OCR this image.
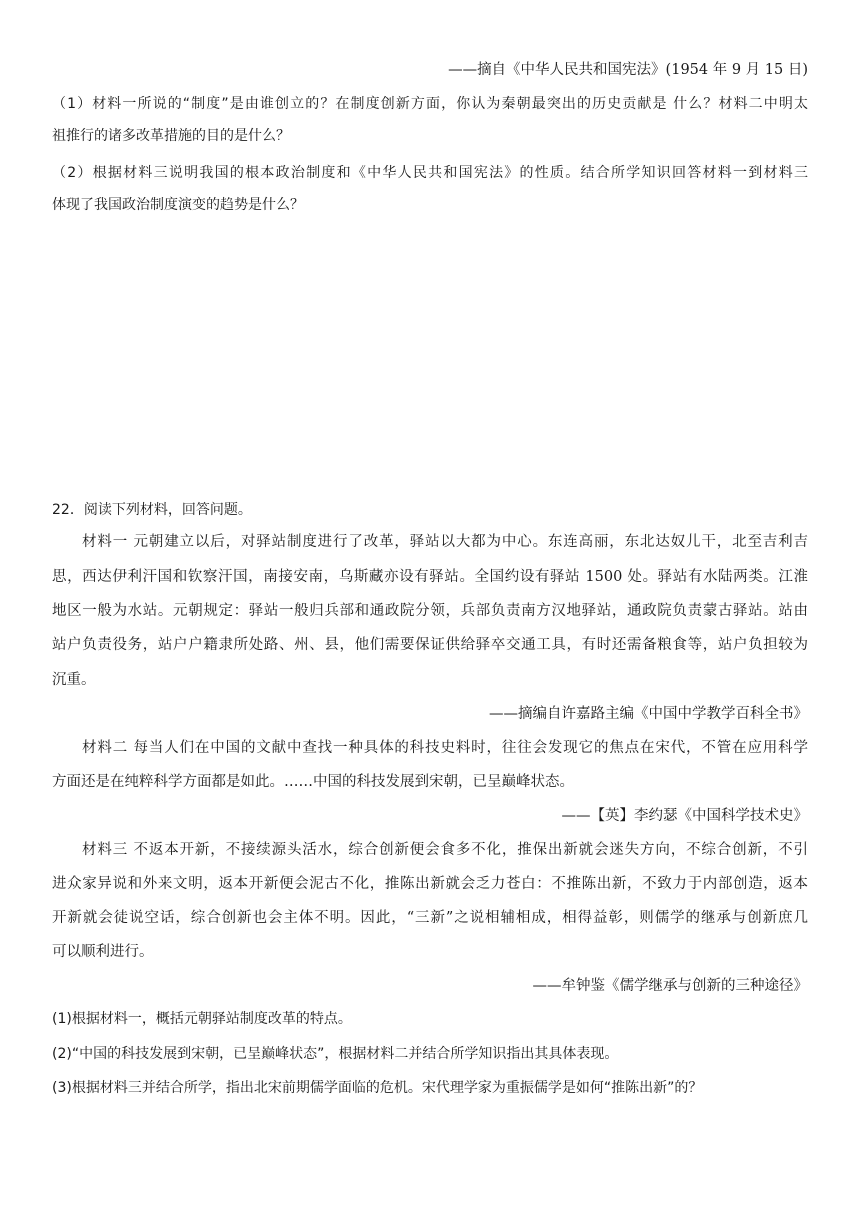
——摘自《中华人民共和国宪法》(1954 年 9 月 15 日)
（1）材料一所说的“制度”是由谁创立的？在制度创新方面，你认为秦朝最突出的历史贡献是 什么？材料二中明太
祖推行的诸多改革措施的目的是什么？
（2）根据材料三说明我国的根本政治制度和《中华人民共和国宪法》的性质。结合所学知识回答材料一到材料三
体现了我国政治制度演变的趋势是什么？
22．阅读下列材料，回答问题。
材料一 元朝建立以后，对驿站制度进行了改革，驿站以大都为中心。东连高丽，东北达奴儿干，北至吉利吉
思，西达伊利汗国和钦察汗国，南接安南，乌斯藏亦设有驿站。全国约设有驿站 1500 处。驿站有水陆两类。江淮
地区一般为水站。元朝规定：驿站一般归兵部和通政院分领，兵部负责南方汉地驿站，通政院负责蒙古驿站。站由
站户负责役务，站户户籍隶所处路、州、县，他们需要保证供给驿卒交通工具，有时还需备粮食等，站户负担较为
沉重。
——摘编自许嘉路主编《中国中学教学百科全书》
材料二 每当人们在中国的文献中查找一种具体的科技史料时，往往会发现它的焦点在宋代，不管在应用科学
方面还是在纯粹科学方面都是如此。……中国的科技发展到宋朝，已呈巅峰状态。
——【英】李约瑟《中国科学技术史》
材料三 不返本开新，不接续源头活水，综合创新便会食多不化，推保出新就会迷失方向，不综合创新，不引
进众家异说和外来文明，返本开新便会泥古不化，推陈出新就会乏力苍白：不推陈出新，不致力于内部创造，返本
开新就会徒说空话，综合创新也会主体不明。因此，“三新”之说相辅相成，相得益彰，则儒学的继承与创新庶几
可以顺利进行。
——牟钟鉴《儒学继承与创新的三种途径》
(1)根据材料一，概括元朝驿站制度改革的特点。
(2)“中国的科技发展到宋朝，已呈巅峰状态”，根据材料二并结合所学知识指出其具体表现。
(3)根据材料三并结合所学，指出北宋前期儒学面临的危机。宋代理学家为重振儒学是如何“推陈出新”的？
